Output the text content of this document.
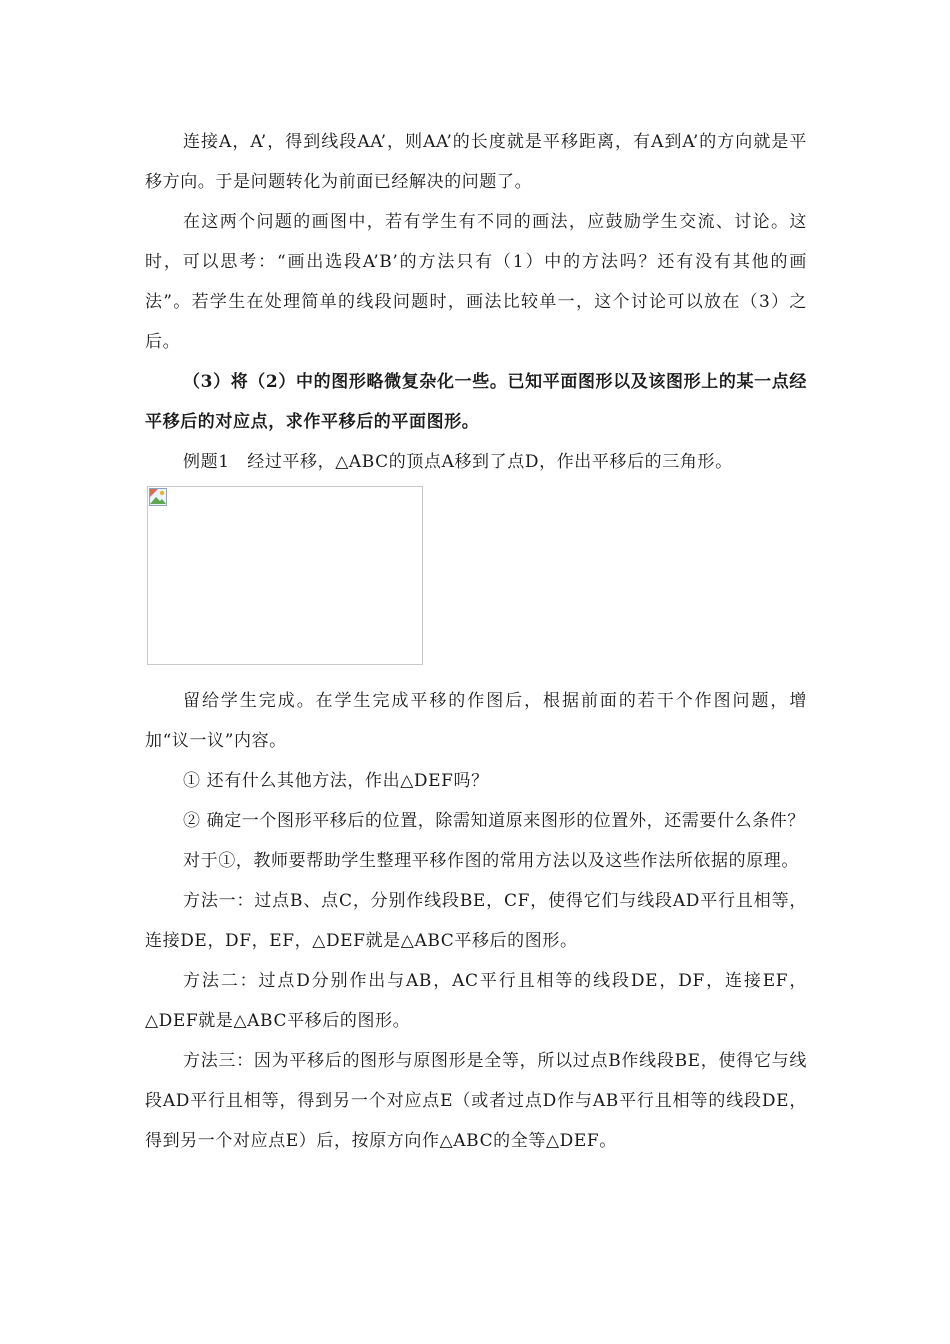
连接A，A’，得到线段AA’，则AA’的长度就是平移距离，有A到A’的方向就是平移方向。于是问题转化为前面已经解决的问题了。

在这两个问题的画图中，若有学生有不同的画法，应鼓励学生交流、讨论。这时，可以思考：“画出选段A’B’的方法只有（1）中的方法吗？还有没有其他的画法”。若学生在处理简单的线段问题时，画法比较单一，这个讨论可以放在（3）之后。

（3）将（2）中的图形略微复杂化一些。已知平面图形以及该图形上的某一点经平移后的对应点，求作平移后的平面图形。

例题1　经过平移，△ABC的顶点A移到了点D，作出平移后的三角形。

留给学生完成。在学生完成平移的作图后，根据前面的若干个作图问题，增加“议一议”内容。

① 还有什么其他方法，作出△DEF吗？

② 确定一个图形平移后的位置，除需知道原来图形的位置外，还需要什么条件？

对于①，教师要帮助学生整理平移作图的常用方法以及这些作法所依据的原理。

方法一：过点B、点C，分别作线段BE，CF，使得它们与线段AD平行且相等，连接DE，DF，EF，△DEF就是△ABC平移后的图形。

方法二：过点D分别作出与AB，AC平行且相等的线段DE，DF，连接EF，△DEF就是△ABC平移后的图形。

方法三：因为平移后的图形与原图形是全等，所以过点B作线段BE，使得它与线段AD平行且相等，得到另一个对应点E（或者过点D作与AB平行且相等的线段DE，得到另一个对应点E）后，按原方向作△ABC的全等△DEF。
